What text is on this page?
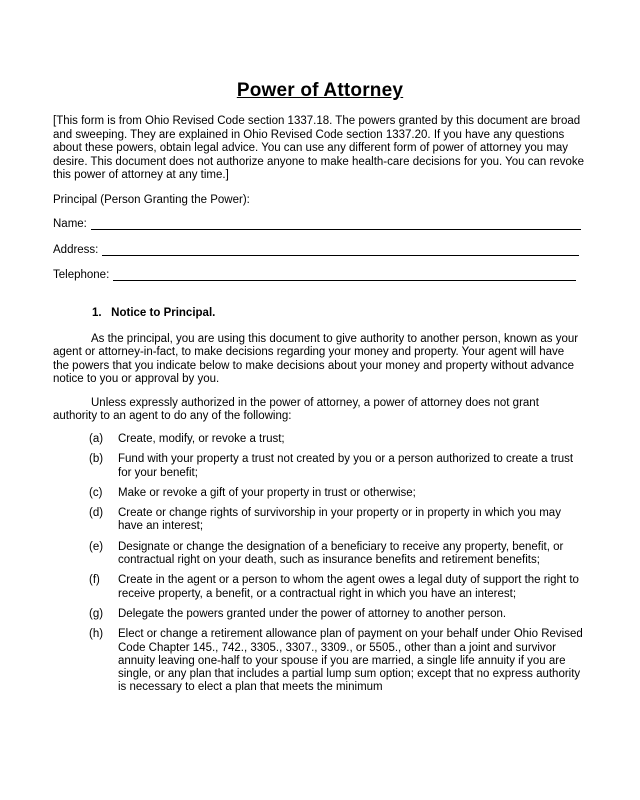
Power of Attorney
[This form is from Ohio Revised Code section 1337.18. The powers granted by this document are broad and sweeping. They are explained in Ohio Revised Code section 1337.20. If you have any questions about these powers, obtain legal advice. You can use any different form of power of attorney you may desire. This document does not authorize anyone to make health-care decisions for you. You can revoke this power of attorney at any time.]
Principal (Person Granting the Power):
Name:
Address:
Telephone:
1.   Notice to Principal.
As the principal, you are using this document to give authority to another person, known as your agent or attorney-in-fact, to make decisions regarding your money and property. Your agent will have the powers that you indicate below to make decisions about your money and property without advance notice to you or approval by you.
Unless expressly authorized in the power of attorney, a power of attorney does not grant authority to an agent to do any of the following:
(a)	Create, modify, or revoke a trust;
(b)	Fund with your property a trust not created by you or a person authorized to create a trust for your benefit;
(c)	Make or revoke a gift of your property in trust or otherwise;
(d)	Create or change rights of survivorship in your property or in property in which you may have an interest;
(e)	Designate or change the designation of a beneficiary to receive any property, benefit, or contractual right on your death, such as insurance benefits and retirement benefits;
(f)	Create in the agent or a person to whom the agent owes a legal duty of support the right to receive property, a benefit, or a contractual right in which you have an interest;
(g)	Delegate the powers granted under the power of attorney to another person.
(h)	Elect or change a retirement allowance plan of payment on your behalf under Ohio Revised Code Chapter 145., 742., 3305., 3307., 3309., or 5505., other than a joint and survivor annuity leaving one-half to your spouse if you are married, a single life annuity if you are single, or any plan that includes a partial lump sum option; except that no express authority is necessary to elect a plan that meets the minimum
